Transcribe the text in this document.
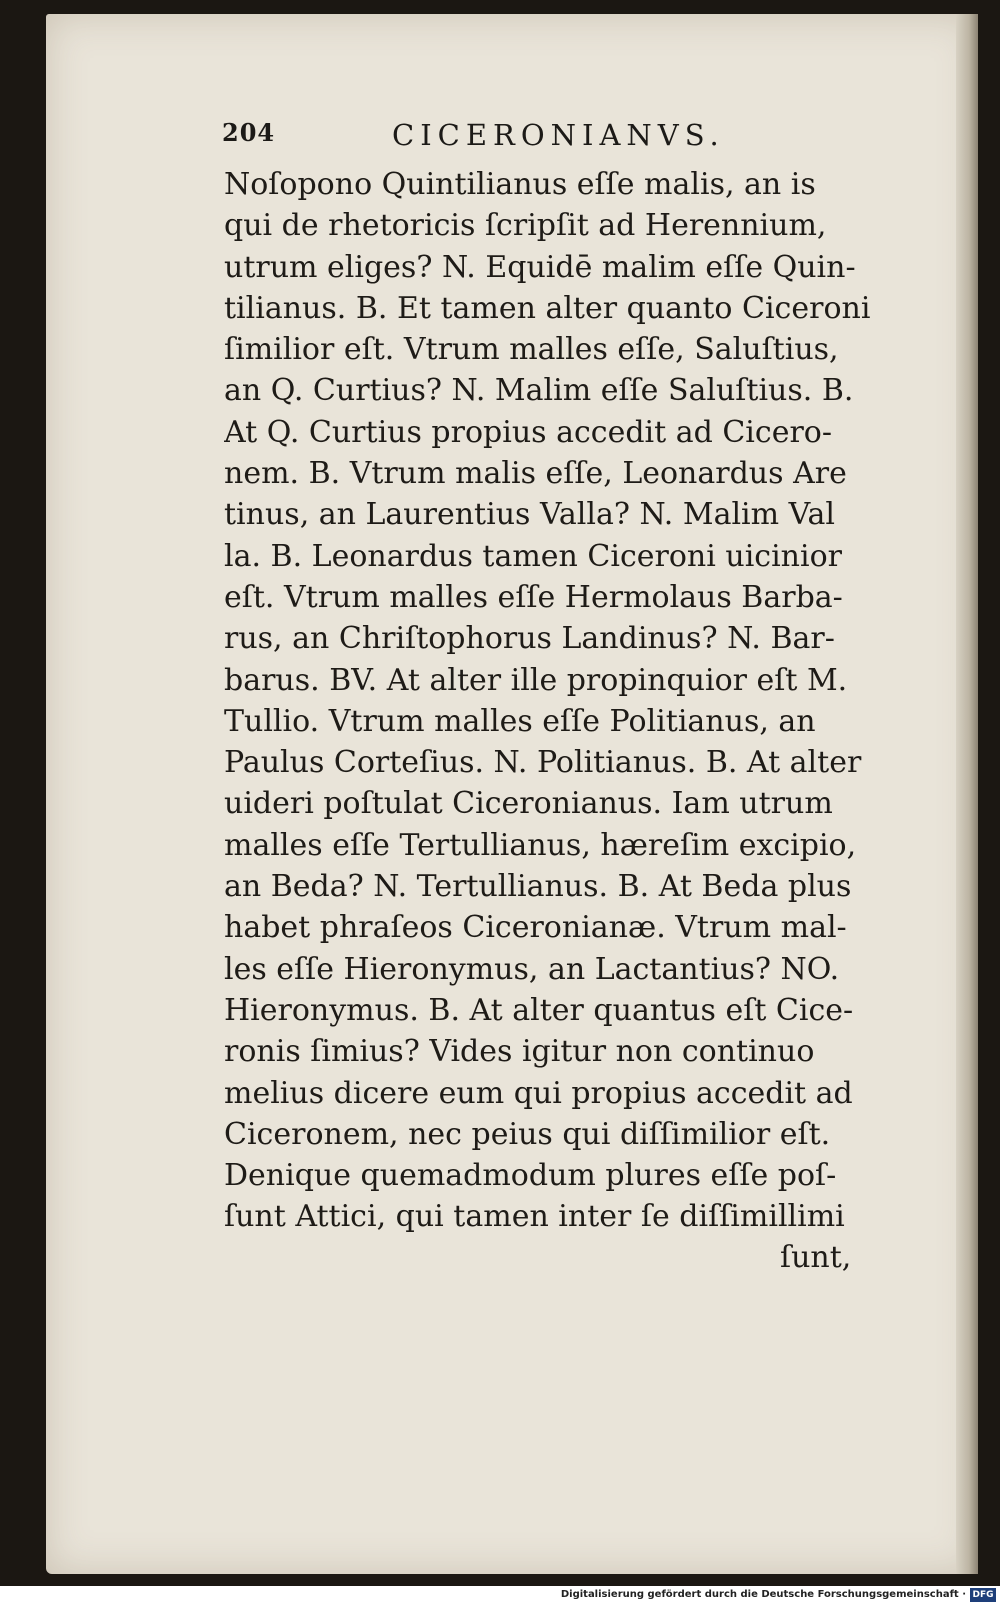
204	CICERONIANVS.
Noſopono Quintilianus eſſe malis, an is
qui de rhetoricis ſcripſit ad Herennium,
utrum eliges? N. Equidē malim eſſe Quin-
tilianus. B. Et tamen alter quanto Ciceroni
ſimilior eſt. Vtrum malles eſſe, Saluſtius,
an Q. Curtius? N. Malim eſſe Saluſtius. B.
At Q. Curtius propius accedit ad Cicero-
nem. B. Vtrum malis eſſe, Leonardus Are
tinus, an Laurentius Valla? N. Malim Val
la. B. Leonardus tamen Ciceroni uicinior
eſt. Vtrum malles eſſe Hermolaus Barba-
rus, an Chriſtophorus Landinus? N. Bar-
barus. BV. At alter ille propinquior eſt M.
Tullio. Vtrum malles eſſe Politianus, an
Paulus Corteſius. N. Politianus. B. At alter
uideri poſtulat Ciceronianus. Iam utrum
malles eſſe Tertullianus, hæreſim excipio,
an Beda? N. Tertullianus. B. At Beda plus
habet phraſeos Ciceronianæ. Vtrum mal-
les eſſe Hieronymus, an Lactantius? NO.
Hieronymus. B. At alter quantus eſt Cice-
ronis ſimius? Vides igitur non continuo
melius dicere eum qui propius accedit ad
Ciceronem, nec peius qui diſſimilior eſt.
Denique quemadmodum plures eſſe poſ-
ſunt Attici, qui tamen inter ſe diſſimillimi
ſunt,
Digitalisierung gefördert durch die Deutsche Forschungsgemeinschaft · DFG
